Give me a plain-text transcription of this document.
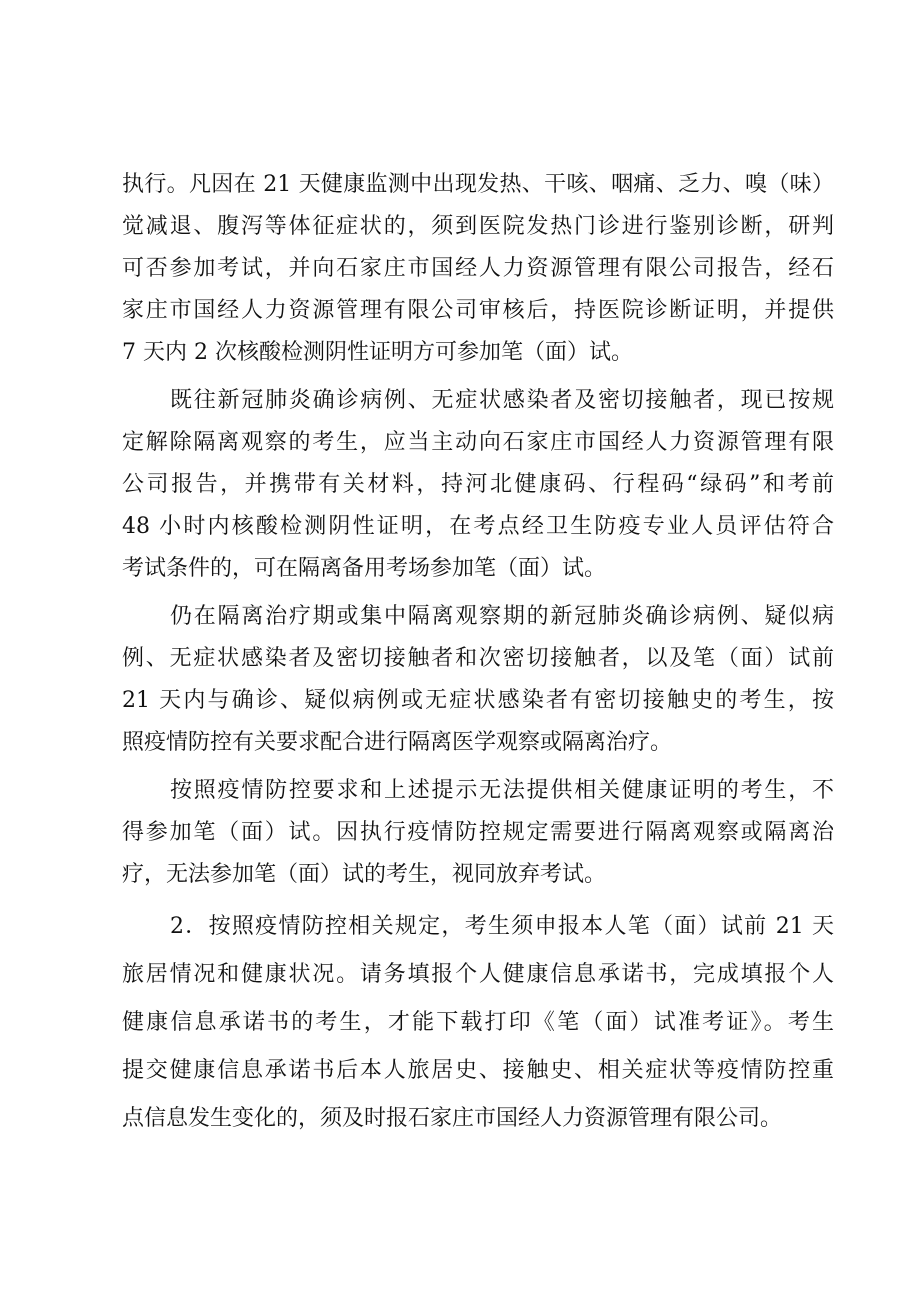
执行。凡因在 21 天健康监测中出现发热、干咳、咽痛、乏力、嗅（味）
觉减退、腹泻等体征症状的，须到医院发热门诊进行鉴别诊断，研判
可否参加考试，并向石家庄市国经人力资源管理有限公司报告，经石
家庄市国经人力资源管理有限公司审核后，持医院诊断证明，并提供
7 天内 2 次核酸检测阴性证明方可参加笔（面）试。
既往新冠肺炎确诊病例、无症状感染者及密切接触者，现已按规
定解除隔离观察的考生，应当主动向石家庄市国经人力资源管理有限
公司报告，并携带有关材料，持河北健康码、行程码“绿码”和考前
48 小时内核酸检测阴性证明，在考点经卫生防疫专业人员评估符合
考试条件的，可在隔离备用考场参加笔（面）试。
仍在隔离治疗期或集中隔离观察期的新冠肺炎确诊病例、疑似病
例、无症状感染者及密切接触者和次密切接触者，以及笔（面）试前
21 天内与确诊、疑似病例或无症状感染者有密切接触史的考生，按
照疫情防控有关要求配合进行隔离医学观察或隔离治疗。
按照疫情防控要求和上述提示无法提供相关健康证明的考生，不
得参加笔（面）试。因执行疫情防控规定需要进行隔离观察或隔离治
疗，无法参加笔（面）试的考生，视同放弃考试。
2．按照疫情防控相关规定，考生须申报本人笔（面）试前 21 天
旅居情况和健康状况。请务填报个人健康信息承诺书，完成填报个人
健康信息承诺书的考生，才能下载打印《笔（面）试准考证》。考生
提交健康信息承诺书后本人旅居史、接触史、相关症状等疫情防控重
点信息发生变化的，须及时报石家庄市国经人力资源管理有限公司。
